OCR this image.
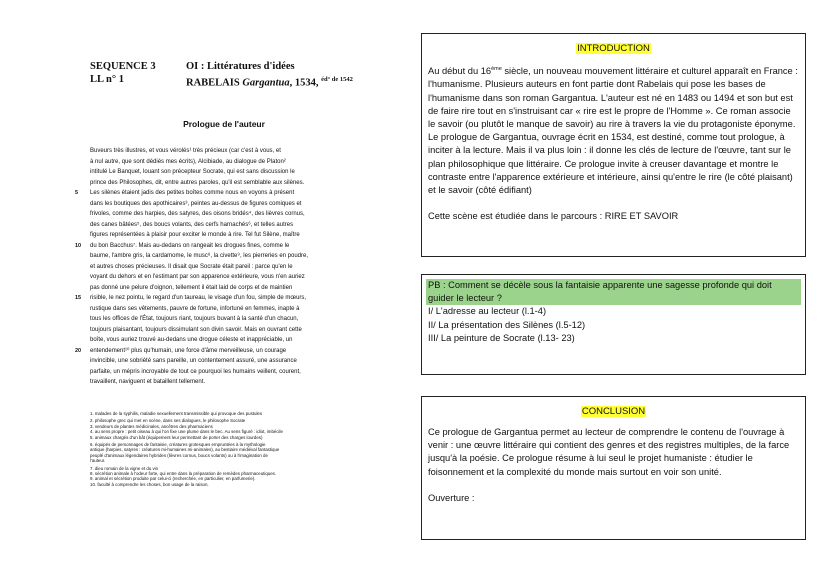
SEQUENCE 3
LL n° 1
OI : Littératures d'idées
RABELAIS Gargantua, 1534, $^{éd^\circ de 1542}$
Prologue de l'auteur
Buveurs très illustres, et vous vérolés¹ très précieux (car c'est à vous, et
à nul autre, que sont dédiés mes écrits), Alcibiade, au dialogue de Platon²
intitulé Le Banquet, louant son précepteur Socrate, qui est sans discussion le
prince des Philosophes, dit, entre autres paroles, qu'il est semblable aux silènes.
5 Les silènes étaient jadis des petites boîtes comme nous en voyons à présent
dans les boutiques des apothicaires³, peintes au-dessus de figures comiques et
frivoles, comme des harpies, des satyres, des oisons bridés⁴, des lièvres cornus,
des canes bâtées⁵, des boucs volants, des cerfs harnachés⁶, et telles autres
figures représentées à plaisir pour exciter le monde à rire. Tel fut Silène, maître
10 du bon Bacchus⁷. Mais au-dedans on rangeait les drogues fines, comme le
baume, l'ambre gris, la cardamome, le musc⁸, la civette⁹, les pierreries en poudre,
et autres choses précieuses. Il disait que Socrate était pareil : parce qu'en le
voyant du dehors et en l'estimant par son apparence extérieure, vous n'en auriez
pas donné une pelure d'oignon, tellement il était laid de corps et de maintien
15 risible, le nez pointu, le regard d'un taureau, le visage d'un fou, simple de mœurs,
rustique dans ses vêtements, pauvre de fortune, infortuné en femmes, inapte à
tous les offices de l'État, toujours riant, toujours buvant à la santé d'un chacun,
toujours plaisantant, toujours dissimulant son divin savoir. Mais en ouvrant cette
boîte, vous auriez trouvé au-dedans une drogue céleste et inappréciable, un
20 entendement¹⁰ plus qu'humain, une force d'âme merveilleuse, un courage
invincible, une sobriété sans pareille, un contentement assuré, une assurance
parfaite, un mépris incroyable de tout ce pourquoi les humains veillent, courent,
travaillent, naviguent et bataillent tellement.
1. malades de la syphilis, maladie sexuellement transmissible qui provoque des pustules
2. philosophe grec qui met en scène, dans ses dialogues, le philosophe Socrate
3. vendeurs de plantes médicinales, ancêtres des pharmaciens
4. au sens propre : petit oiseau à qui l'on fixe une plume dans le bec. Au sens figuré : idiot, imbécile
5. animaux chargés d'un bât (équipement leur permettant de porter des charges lourdes)
6. équipés de personnages de fantaisie, créatures grotesques empruntées à la mythologie
antique (harpies, satyres : créatures mi-humaines mi-animales), au bestiaire médiéval fantastique
peuplé d'animaux légendaires hybrides (lièvres cornus, boucs volants) ou à l'imagination de
l'auteur.
7. dieu romain de la vigne et du vin
8. sécrétion animale à l'odeur forte, qui entre dans la préparation de remèdes pharmaceutiques.
9. animal et sécrétion produite par celui-ci (recherchée, en particulier, en parfumerie).
10. faculté à comprendre les choses, bon usage de la raison.
INTRODUCTION

Au début du 16ème siècle, un nouveau mouvement littéraire et culturel apparaît en France : l'humanisme. Plusieurs auteurs en font partie dont Rabelais qui pose les bases de l'humanisme dans son roman Gargantua. L'auteur est né en 1483 ou 1494 et son but est de faire rire tout en s'instruisant car « rire est le propre de l'Homme ». Ce roman associe le savoir (ou plutôt le manque de savoir) au rire à travers la vie du protagoniste éponyme. Le prologue de Gargantua, ouvrage écrit en 1534, est destiné, comme tout prologue, à inciter à la lecture. Mais il va plus loin : il donne les clés de lecture de l'œuvre, tant sur le plan philosophique que littéraire. Ce prologue invite à creuser davantage et montre le contraste entre l'apparence extérieure et intérieure, ainsi qu'entre le rire (le côté plaisant) et le savoir (côté édifiant)

Cette scène est étudiée dans le parcours : RIRE ET SAVOIR

PB : Comment se décèle sous la fantaisie apparente une sagesse profonde qui doit guider le lecteur ?
I/ L'adresse au lecteur (l.1-4)
II/ La présentation des Silènes (l.5-12)
III/ La peinture de Socrate (l.13- 23)
CONCLUSION

Ce prologue de Gargantua permet au lecteur de comprendre le contenu de l'ouvrage à venir : une œuvre littéraire qui contient des genres et des registres multiples, de la farce jusqu'à la poésie. Ce prologue résume à lui seul le projet humaniste : étudier le foisonnement et la complexité du monde mais surtout en voir son unité.

Ouverture :
